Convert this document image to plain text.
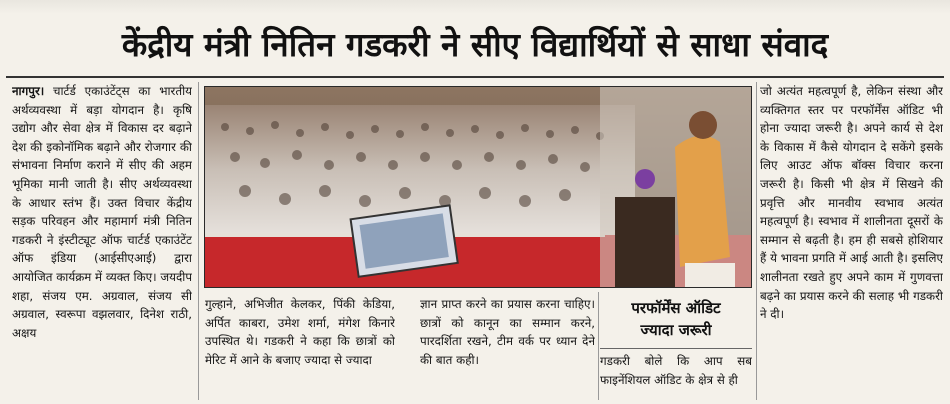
केंद्रीय मंत्री नितिन गडकरी ने सीए विद्यार्थियों से साधा संवाद

नागपुर। चार्टर्ड एकाउंटेंट्स का भारतीय अर्थव्यवस्था में बड़ा योगदान है। कृषि उद्योग और सेवा क्षेत्र में विकास दर बढ़ाने देश की इकोनॉमिक बढ़ाने और रोजगार की संभावना निर्माण कराने में सीए की अहम भूमिका मानी जाती है। सीए अर्थव्यवस्था के आधार स्तंभ हैं। उक्त विचार केंद्रीय सड़क परिवहन और महामार्ग मंत्री नितिन गडकरी ने इंस्टीट्यूट ऑफ चार्टर्ड एकाउंटेंट ऑफ इंडिया (आईसीएआई) द्वारा आयोजित कार्यक्रम में व्यक्त किए। जयदीप शहा, संजय एम. अग्रवाल, संजय सी अग्रवाल, स्वरूपा वझलवार, दिनेश राठी, अक्षय

गुल्हाने, अभिजीत केलकर, पिंकी केडिया, अर्पित काबरा, उमेश शर्मा, मंगेश किनारे उपस्थित थे। गडकरी ने कहा कि छात्रों को मेरिट में आने के बजाए ज्यादा से ज्यादा

ज्ञान प्राप्त करने का प्रयास करना चाहिए। छात्रों को कानून का सम्मान करने, पारदर्शिता रखने, टीम वर्क पर ध्यान देने की बात कही।

परफॉर्मेंस ऑडिट

ज्यादा जरूरी

गडकरी बोले कि आप सब फाइनेंशियल ऑडिट के क्षेत्र से ही

जो अत्यंत महत्वपूर्ण है, लेकिन संस्था और व्यक्तिगत स्तर पर परफॉर्मेंस ऑडिट भी होना ज्यादा जरूरी है। अपने कार्य से देश के विकास में कैसे योगदान दे सकेंगे इसके लिए आउट ऑफ बॉक्स विचार करना जरूरी है। किसी भी क्षेत्र में सिखने की प्रवृत्ति और मानवीय स्वभाव अत्यंत महत्वपूर्ण है। स्वभाव में शालीनता दूसरों के सम्मान से बढ़ती है। हम ही सबसे होशियार हैं ये भावना प्रगति में आई आती है। इसलिए शालीनता रखते हुए अपने काम में गुणवत्ता बढ़ने का प्रयास करने की सलाह भी गडकरी ने दी।
